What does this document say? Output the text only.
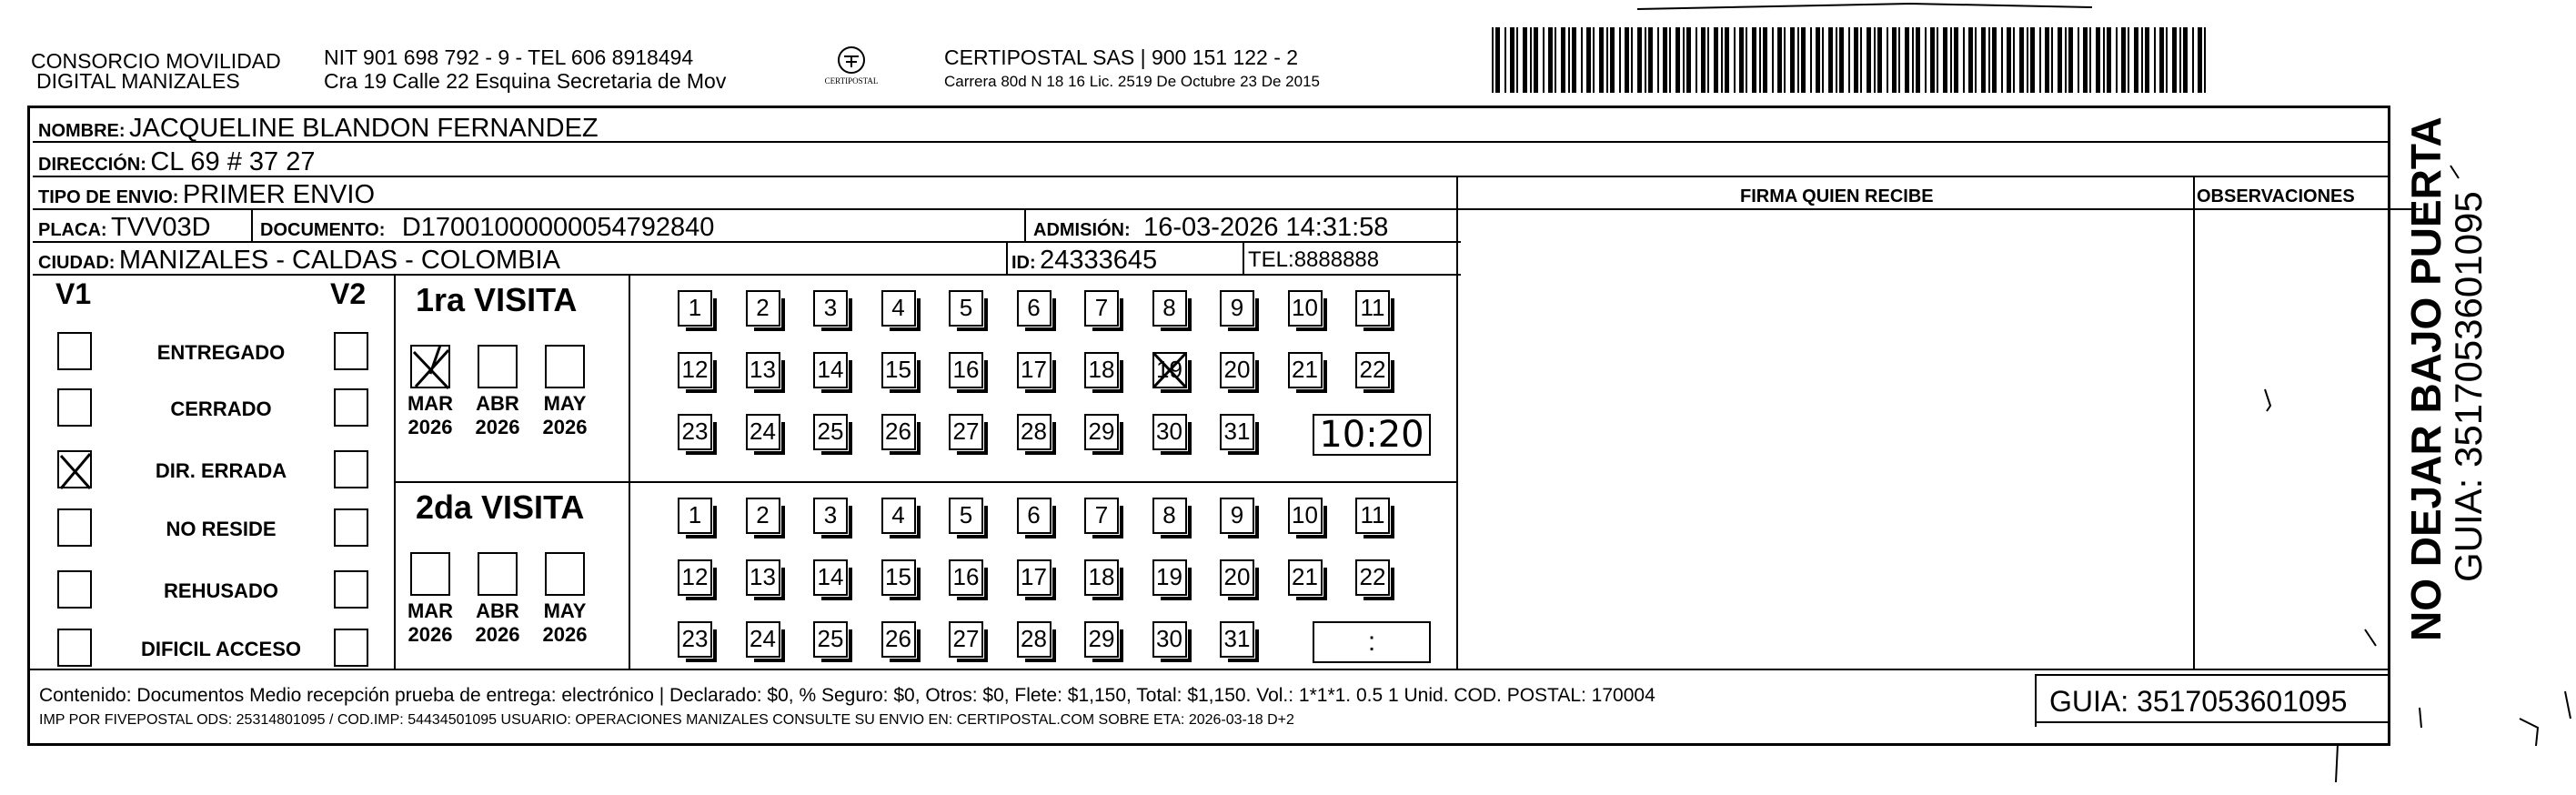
CONSORCIO MOVILIDAD
DIGITAL MANIZALES
NIT 901 698 792 - 9 - TEL 606 8918494
Cra 19 Calle 22 Esquina Secretaria de Mov	CERTIPOSTAL
CERTIPOSTAL SAS | 900 151 122 - 2
Carrera 80d N 18 16 Lic. 2519 De Octubre 23 De 2015
NOMBRE: JACQUELINE BLANDON FERNANDEZ
DIRECCIÓN: CL 69 # 37 27
TIPO DE ENVIO: PRIMER ENVIO	FIRMA QUIEN RECIBE	OBSERVACIONES
PLACA: TVV03D	DOCUMENTO: D17001000000054792840	ADMISIÓN: 16-03-2026 14:31:58
CIUDAD: MANIZALES - CALDAS - COLOMBIA	ID: 24333645	TEL:8888888
V1	V2
ENTREGADO
CERRADO
DIR. ERRADA
NO RESIDE
REHUSADO
DIFICIL ACCESO
1ra VISITA
2da VISITA
MAR
2026
ABR
2026
MAY
2026
1	2	3	4	5	6	7	8	9	10 11
12 13 14 15 16 17 18 19 20 21 22
23 24 25 26 27 28 29 30 31 10:20
MAR
2026
ABR
2026
MAY
2026
1	2	3	4	5	6	7	8	9	10 11
12 13 14 15 16 17 18 19 20 21 22
23 24 25 26 27 28 29 30 31	:
Contenido: Documentos Medio recepción prueba de entrega: electrónico | Declarado: $0, % Seguro: $0, Otros: $0, Flete: $1,150, Total: $1,150. Vol.: 1*1*1. 0.5 1 Unid. COD. POSTAL: 170004
IMP POR FIVEPOSTAL ODS: 25314801095 / COD.IMP: 54434501095 USUARIO: OPERACIONES MANIZALES CONSULTE SU ENVIO EN: CERTIPOSTAL.COM SOBRE ETA: 2026-03-18 D+2
GUIA: 3517053601095
NO DEJAR BAJO PUERTA
GUIA: 3517053601095
